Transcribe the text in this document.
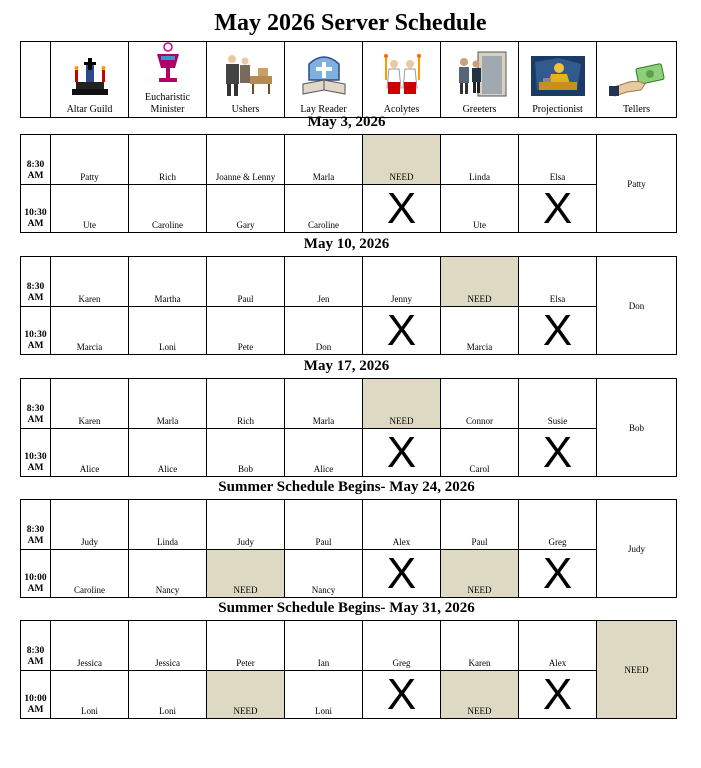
May 2026 Server Schedule

Altar Guild

Eucharistic Minister	Ushers	Lay Reader	Acolytes	Greeters	Projectionist	Tellers
May 3, 2026
8:30
AM	Patty	Rich	Joanne & Lenny	Marla	NEED	Linda	Elsa	Patty

10:30
AM	Ute	Caroline	Gary	Caroline	X	Ute	X	
May 10, 2026
8:30
AM	Karen	Martha	Paul	Jen	Jenny	NEED	Elsa	Don

10:30
AM	Marcia	Loni	Pete	Don	X	Marcia	X	
May 17, 2026
8:30
AM	Karen	Marla	Rich	Marla	NEED	Connor	Susie	Bob

10:30
AM	Alice	Alice	Bob	Alice	X	Carol	X	
Summer Schedule Begins- May 24, 2026
8:30
AM	Judy	Linda	Judy	Paul	Alex	Paul	Greg	Judy

10:00
AM	Caroline	Nancy	NEED	Nancy	X	NEED	X	
Summer Schedule Begins- May 31, 2026
8:30
AM	Jessica	Jessica	Peter	Ian	Greg	Karen	Alex	NEED

10:00
AM	Loni	Loni	NEED	Loni	X	NEED	X	
